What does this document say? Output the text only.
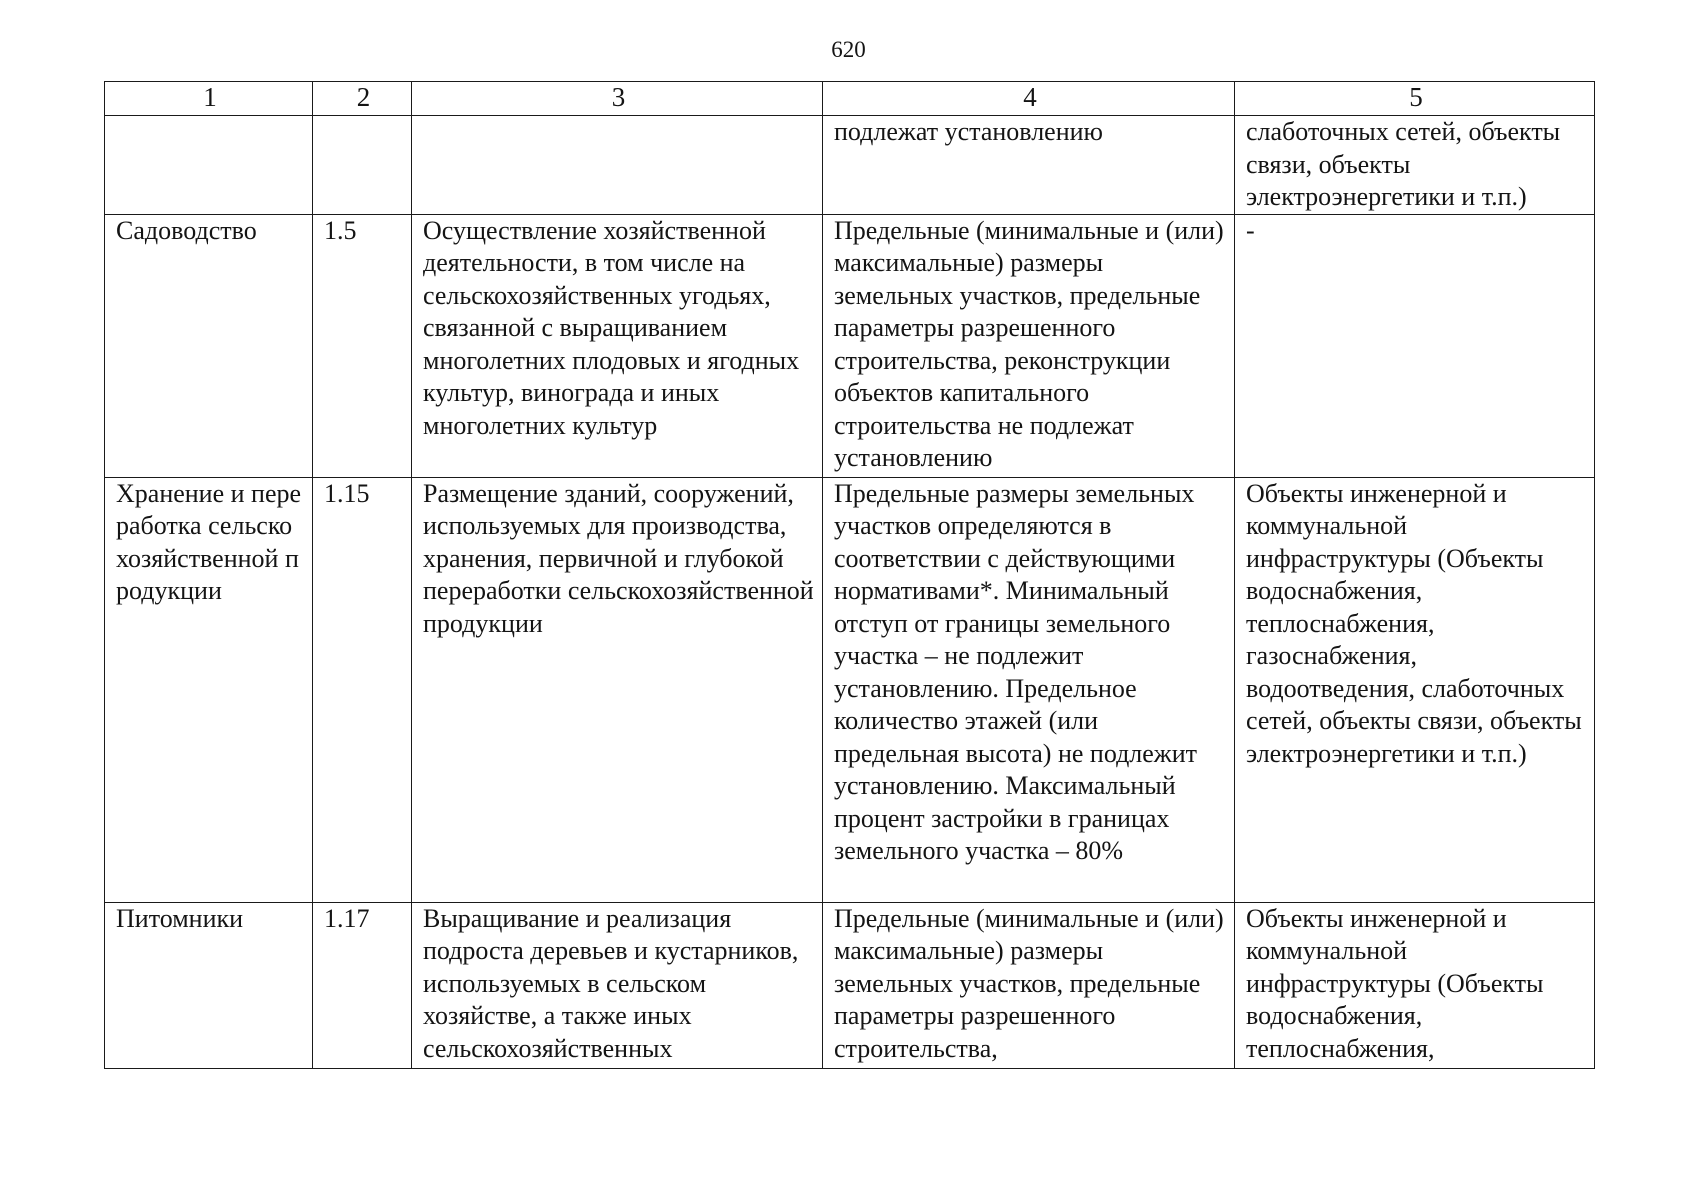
620
1	2	3	4	5
			подлежат установлению	слаботочных сетей, объекты связи, объекты электроэнергетики и т.п.)
Садоводство	1.5	Осуществление хозяйственной деятельности, в том числе на сельскохозяйственных угодьях, связанной с выращиванием многолетних плодовых и ягодных культур, винограда и иных многолетних культур	Предельные (минимальные и (или) максимальные) размеры земельных участков, предельные параметры разрешенного строительства, реконструкции объектов капитального строительства не подлежат установлению	-
Хранение и переработка сельскохозяйственной продукции	1.15	Размещение зданий, сооружений, используемых для производства, хранения, первичной и глубокой переработки сельскохозяйственной продукции	Предельные размеры земельных участков определяются в соответствии с действующими нормативами*. Минимальный отступ от границы земельного участка – не подлежит установлению. Предельное количество этажей (или предельная высота) не подлежит установлению. Максимальный процент застройки в границах земельного участка – 80%	Объекты инженерной и коммунальной инфраструктуры (Объекты водоснабжения, теплоснабжения, газоснабжения, водоотведения, слаботочных сетей, объекты связи, объекты электроэнергетики и т.п.)
Питомники	1.17	Выращивание и реализация подроста деревьев и кустарников, используемых в сельском хозяйстве, а также иных сельскохозяйственных	Предельные (минимальные и (или) максимальные) размеры земельных участков, предельные параметры разрешенного строительства,	Объекты инженерной и коммунальной инфраструктуры (Объекты водоснабжения, теплоснабжения,
